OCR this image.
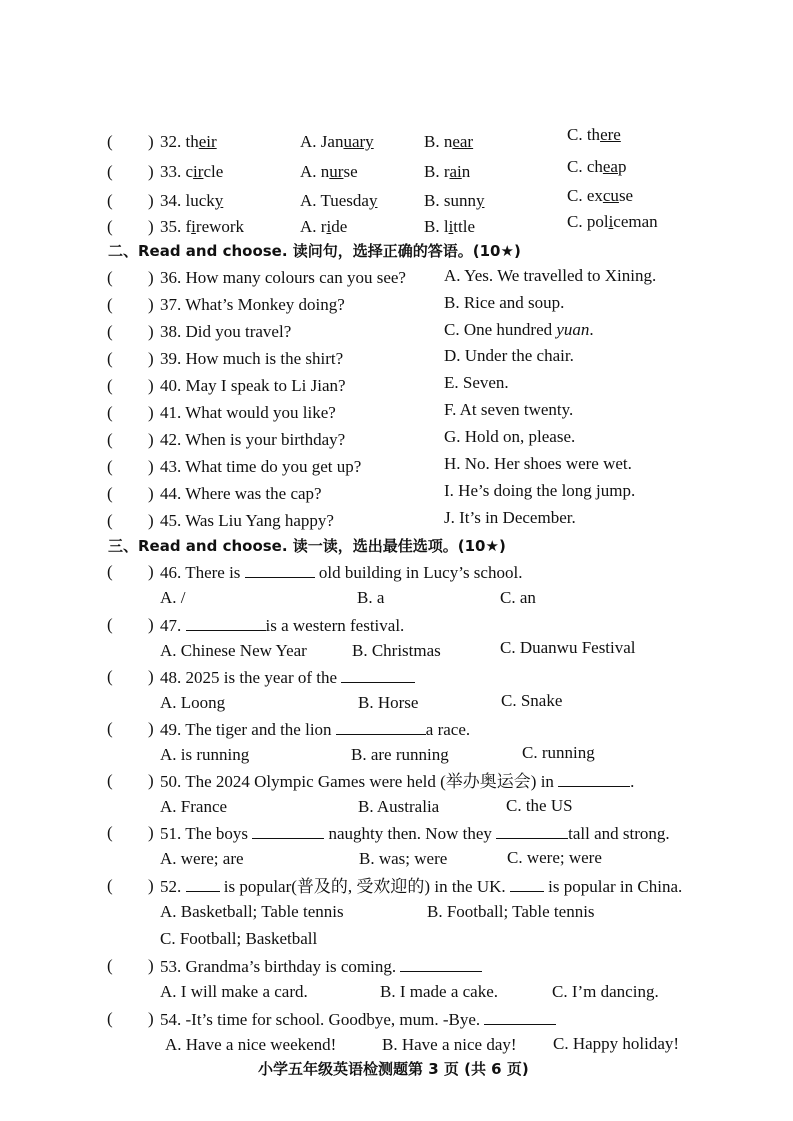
( ) 32. their	A. January	B. near	C. there
( ) 33. circle	A. nurse	B. rain	C. cheap
( ) 34. lucky	A. Tuesday	B. sunny	C. excuse
( ) 35. firework	A. ride	B. little	C. policeman
二、Read and choose. 读问句，选择正确的答语。(10★)
( ) 36. How many colours can you see? A. Yes. We travelled to Xining.
( ) 37. What’s Monkey doing?	B. Rice and soup.
( ) 38. Did you travel?	C. One hundred yuan.
( ) 39. How much is the shirt?	D. Under the chair.
( ) 40. May I speak to Li Jian?	E. Seven.
( ) 41. What would you like?	F. At seven twenty.
( ) 42. When is your birthday?	G. Hold on, please.
( ) 43. What time do you get up?	H. No. Her shoes were wet.
( ) 44. Where was the cap?	I. He’s doing the long jump.
( ) 45. Was Liu Yang happy?	J. It’s in December.
三、Read and choose. 读一读，选出最佳选项。(10★)
( ) 46. There is	old building in Lucy’s school.
A. /	B. a	C. an
( ) 47.	is a western festival.
A. Chinese New Year	B. Christmas	C. Duanwu Festival
( ) 48. 2025 is the year of the
A. Loong	B. Horse	C. Snake
( ) 49. The tiger and the lion	a race.
A. is running	B. are running	C. running
( ) 50. The 2024 Olympic Games were held (举办奥运会) in	.
A. France	B. Australia	C. the US
( ) 51. The boys	naughty then. Now they	tall and strong.
A. were; are	B. was; were	C. were; were
( ) 52.	is popular(普及的, 受欢迎的) in the UK.	is popular in China.
A. Basketball; Table tennis	B. Football; Table tennis
C. Football; Basketball
( ) 53. Grandma’s birthday is coming.
A. I will make a card.	B. I made a cake.	C. I’m dancing.
( ) 54. -It’s time for school. Goodbye, mum. -Bye.
A. Have a nice weekend!	B. Have a nice day! C. Happy holiday!
小学五年级英语检测题第 3 页 (共 6 页)
